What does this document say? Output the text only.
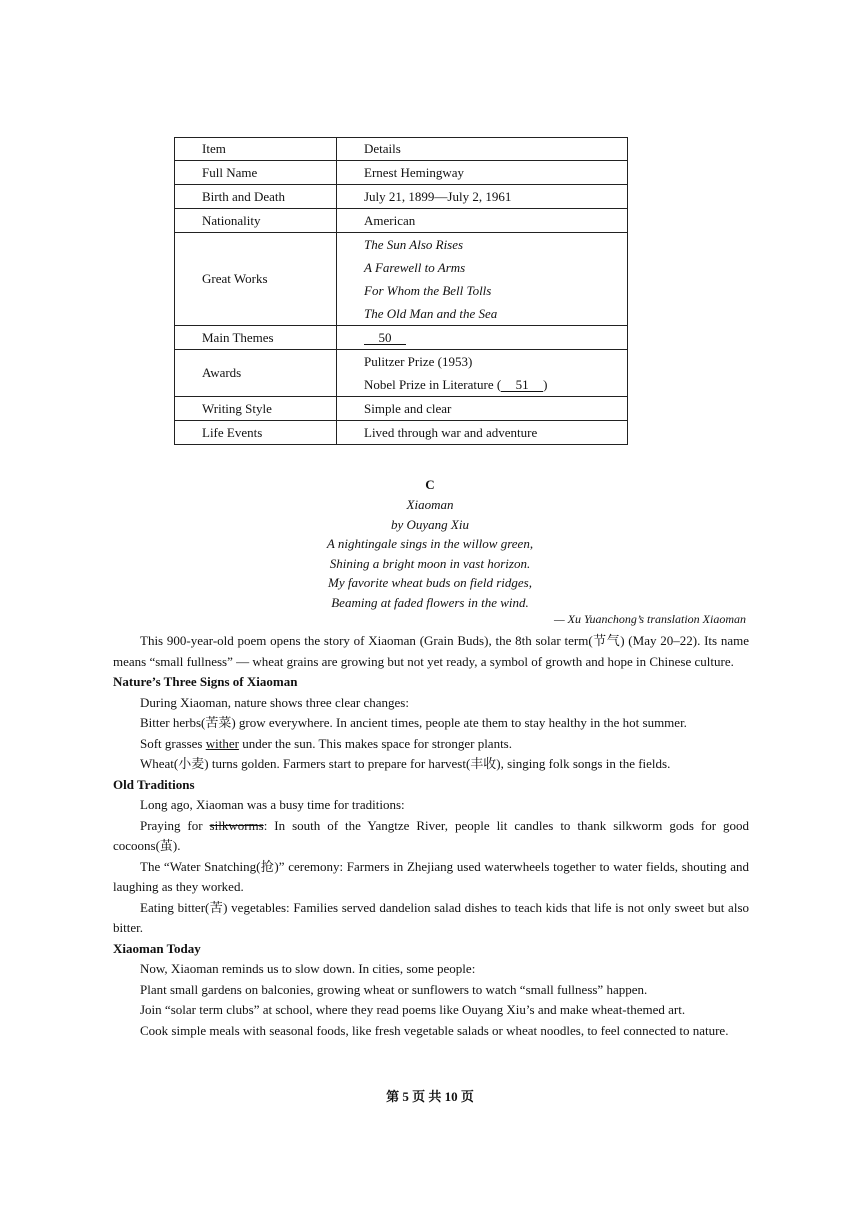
Item	Details
Full Name	Ernest Hemingway
Birth and Death	July 21, 1899—July 2, 1961
Nationality	American
Great Works	The Sun Also Rises
A Farewell to Arms
For Whom the Bell Tolls
The Old Man and the Sea

Main Themes	50
Awards	Pulitzer Prize (1953)
Nobel Prize in Literature ( 51 )

Writing Style	Simple and clear
Life Events	Lived through war and adventure
C
Xiaoman
by Ouyang Xiu
A nightingale sings in the willow green,
Shining a bright moon in vast horizon.
My favorite wheat buds on field ridges,
Beaming at faded flowers in the wind.
— Xu Yuanchong’s translation Xiaoman

This 900-year-old poem opens the story of Xiaoman (Grain Buds), the 8th solar term(节气) (May 20–22). Its name means “small fullness” — wheat grains are growing but not yet ready, a symbol of growth and hope in Chinese culture.

Nature’s Three Signs of Xiaoman

During Xiaoman, nature shows three clear changes:

Bitter herbs(苦菜) grow everywhere. In ancient times, people ate them to stay healthy in the hot summer.

Soft grasses wither under the sun. This makes space for stronger plants.

Wheat(小麦) turns golden. Farmers start to prepare for harvest(丰收), singing folk songs in the fields.

Old Traditions

Long ago, Xiaoman was a busy time for traditions:

Praying for silkworms: In south of the Yangtze River, people lit candles to thank silkworm gods for good cocoons(茧).

The “Water Snatching(抢)” ceremony: Farmers in Zhejiang used waterwheels together to water fields, shouting and laughing as they worked.

Eating bitter(苦) vegetables: Families served dandelion salad dishes to teach kids that life is not only sweet but also bitter.

Xiaoman Today

Now, Xiaoman reminds us to slow down. In cities, some people:

Plant small gardens on balconies, growing wheat or sunflowers to watch “small fullness” happen.

Join “solar term clubs” at school, where they read poems like Ouyang Xiu’s and make wheat-themed art.

Cook simple meals with seasonal foods, like fresh vegetable salads or wheat noodles, to feel connected to nature.

第 5 页 共 10 页
